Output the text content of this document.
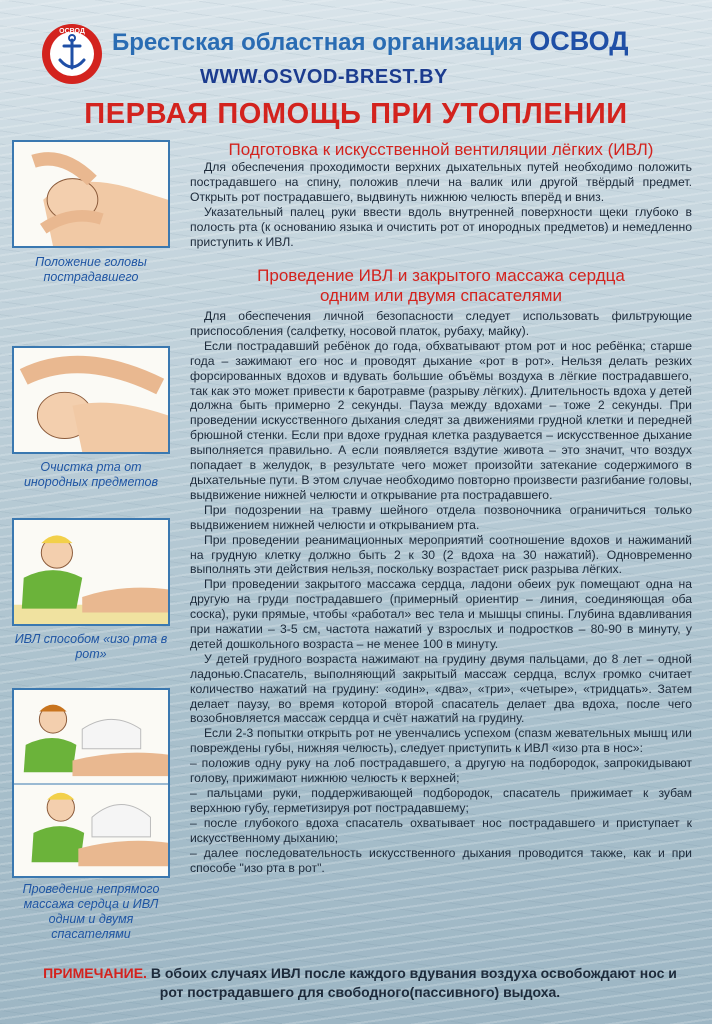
ОСВОД Брестская областная организация ОСВОД
WWW.OSVOD-BREST.BY
ПЕРВАЯ ПОМОЩЬ ПРИ УТОПЛЕНИИ
Положение головы пострадавшего
Очистка рта от инородных предметов
ИВЛ способом «изо рта в рот»
Проведение непрямого массажа сердца и ИВЛ одним и двумя спасателями
Подготовка к искусственной вентиляции лёгких (ИВЛ)

Для обеспечения проходимости верхних дыхательных путей необходимо положить пострадавшего на спину, положив плечи на валик или другой твёрдый предмет. Открыть рот пострадавшего, выдвинуть нижнюю челюсть вперёд и вниз.

Указательный палец руки ввести вдоль внутренней поверхности щеки глубоко в полость рта (к основанию языка и очистить рот от инородных предметов) и немедленно приступить к ИВЛ.

Проведение ИВЛ и закрытого массажа сердца
одним или двумя спасателями

Для обеспечения личной безопасности следует использовать фильтрующие приспособления (салфетку, носовой платок, рубаху, майку).

Если пострадавший ребёнок до года, обхватывают ртом рот и нос ребёнка; старше года – зажимают его нос и проводят дыхание «рот в рот». Нельзя делать резких форсированных вдохов и вдувать большие объёмы воздуха в лёгкие пострадавшего, так как это может привести к баротравме (разрыву лёгких). Длительность вдоха у детей должна быть примерно 2 секунды. Пауза между вдохами – тоже 2 секунды. При проведении искусственного дыхания следят за движениями грудной клетки и передней брюшной стенки. Если при вдохе грудная клетка раздувается – искусственное дыхание выполняется правильно. А если появляется вздутие живота – это значит, что воздух попадает в желудок, в результате чего может произойти затекание содержимого в дыхательные пути. В этом случае необходимо повторно произвести разгибание головы, выдвижение нижней челюсти и открывание рта пострадавшего.

При подозрении на травму шейного отдела позвоночника ограничиться только выдвижением нижней челюсти и открыванием рта.

При проведении реанимационных мероприятий соотношение вдохов и нажиманий на грудную клетку должно быть 2 к 30 (2 вдоха на 30 нажатий). Одновременно выполнять эти действия нельзя, поскольку возрастает риск разрыва лёгких.

При проведении закрытого массажа сердца, ладони обеих рук помещают одна на другую на груди пострадавшего (примерный ориентир – линия, соединяющая оба соска), руки прямые, чтобы «работал» вес тела и мышцы спины. Глубина вдавливания при нажатии – 3-5 см, частота нажатий у взрослых и подростков – 80-90 в минуту, у детей дошкольного возраста – не менее 100 в минуту.

У детей грудного возраста нажимают на грудину двумя пальцами, до 8 лет – одной ладонью.Спасатель, выполняющий закрытый массаж сердца, вслух громко считает количество нажатий на грудину: «один», «два», «три», «четыре», «тридцать». Затем делает паузу, во время которой второй спасатель делает два вдоха, после чего возобновляется массаж сердца и счёт нажатий на грудину.

Если 2-3 попытки открыть рот не увенчались успехом (спазм жевательных мышц или повреждены губы, нижняя челюсть), следует приступить к ИВЛ «изо рта в нос»:

– положив одну руку на лоб пострадавшего, а другую на подбородок, запрокидывают голову, прижимают нижнюю челюсть к верхней;

– пальцами руки, поддерживающей подбородок, спасатель прижимает к зубам верхнюю губу, герметизируя рот пострадавшему;

– после глубокого вдоха спасатель охватывает нос пострадавшего и приступает к искусственному дыханию;

– далее последовательность искусственного дыхания проводится также, как и при способе "изо рта в рот".

ПРИМЕЧАНИЕ. В обоих случаях ИВЛ после каждого вдувания воздуха освобождают нос и рот пострадавшего для свободного(пассивного) выдоха.
